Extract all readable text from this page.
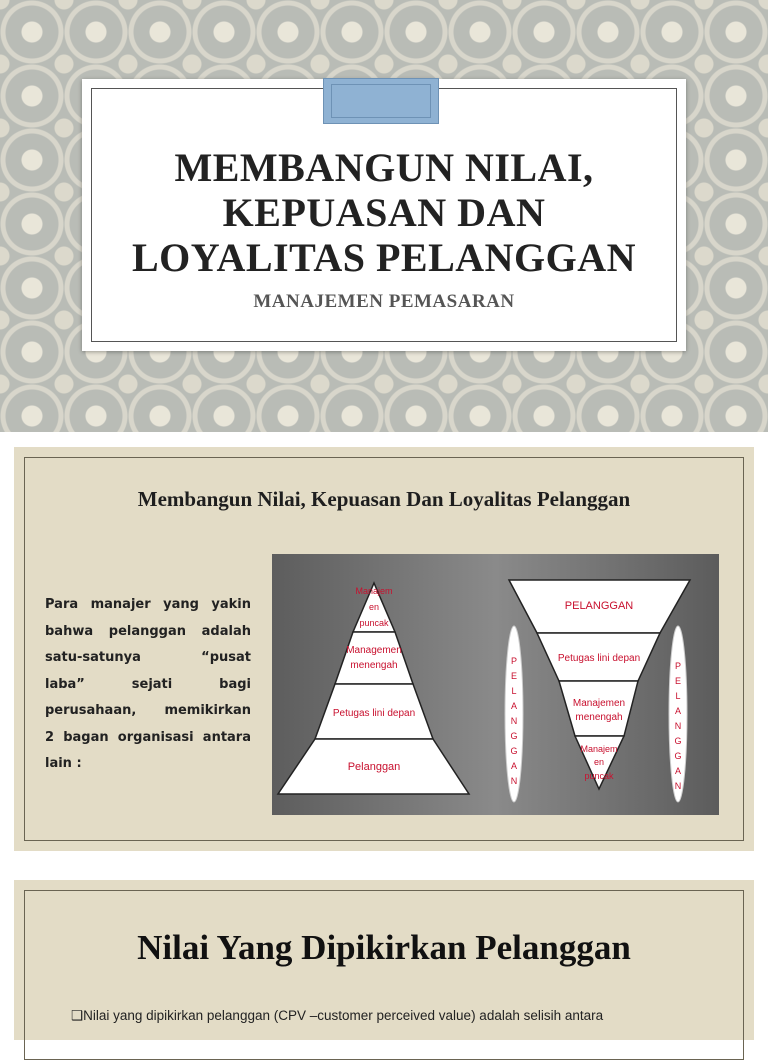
MEMBANGUN NILAI,
KEPUASAN DAN
LOYALITAS PELANGGAN
MANAJEMEN PEMASARAN
Membangun Nilai, Kepuasan Dan Loyalitas Pelanggan
Para manajer yang yakin
bahwa pelanggan adalah
satu-satunya “pusat
laba” sejati bagi
perusahaan, memikirkan
2 bagan organisasi antara
lain :
Manajem
en
puncak
Managemen
menengah
Petugas lini depan
Pelanggan
PELANGGAN
Petugas lini depan
Manajemen
menengah
Manajem
en
puncak
P
E
L
A
N
G
G
A
N
P
E
L
A
N
G
G
A
N
Nilai Yang Dipikirkan Pelanggan
❑Nilai yang dipikirkan pelanggan (CPV –customer perceived value) adalah selisih antara
